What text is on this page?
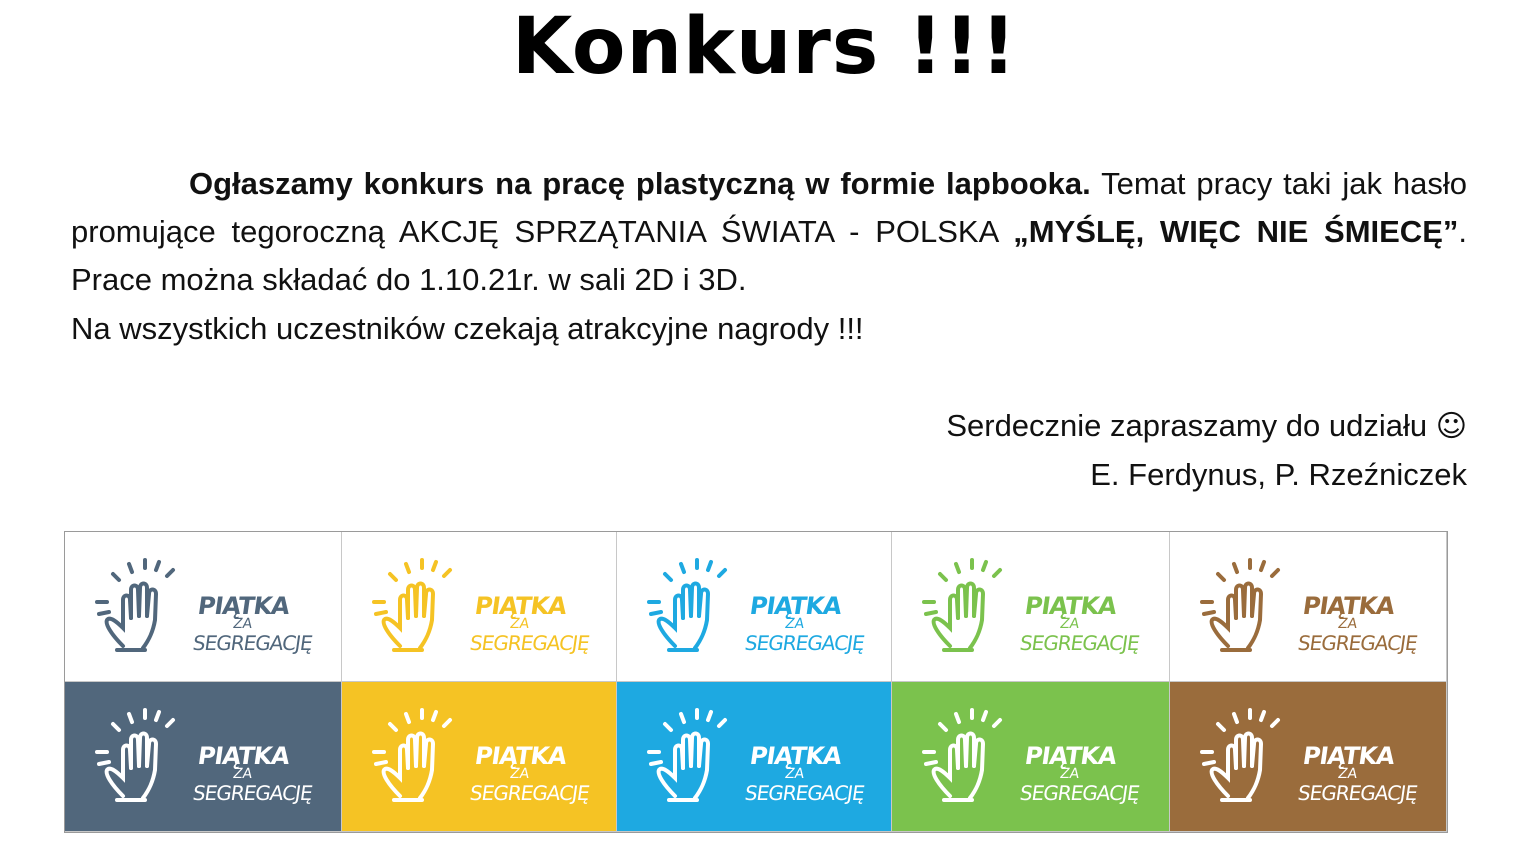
Konkurs !!!
Ogłaszamy konkurs na pracę plastyczną w formie lapbooka. Temat pracy taki jak hasło promujące tegoroczną AKCJĘ SPRZĄTANIA ŚWIATA - POLSKA „MYŚLĘ, WIĘC NIE ŚMIECĘ”. Prace można składać do 1.10.21r. w sali 2D i 3D.
Na wszystkich uczestników czekają atrakcyjne nagrody !!!
Serdecznie zapraszamy do udziału ☺
E. Ferdynus, P. Rzeźniczek
PIĄTKA
ZA
SEGREGACJĘ
PIĄTKA
ZA
SEGREGACJĘ
PIĄTKA
ZA
SEGREGACJĘ
PIĄTKA
ZA
SEGREGACJĘ
PIĄTKA
ZA
SEGREGACJĘ
PIĄTKA
ZA
SEGREGACJĘ
PIĄTKA
ZA
SEGREGACJĘ
PIĄTKA
ZA
SEGREGACJĘ
PIĄTKA
ZA
SEGREGACJĘ
PIĄTKA
ZA
SEGREGACJĘ
